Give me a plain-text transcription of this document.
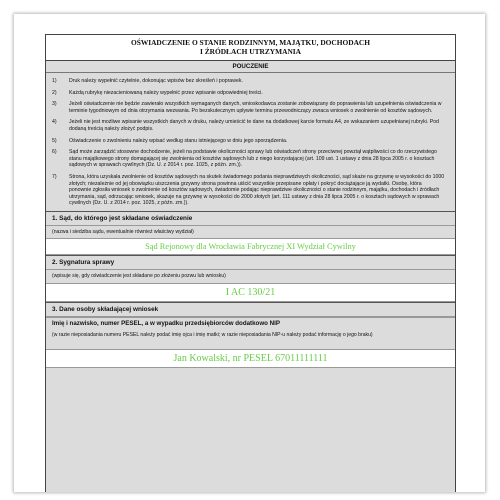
OŚWIADCZENIE O STANIE RODZINNYM, MAJĄTKU, DOCHODACH
I ŹRÓDŁACH UTRZYMANIA
POUCZENIE
1)	Druk należy wypełnić czytelnie, dokonując wpisów bez skreśleń i poprawek.
2)	Każdą rubrykę niezacieniowaną należy wypełnić przez wpisanie odpowiedniej treści.
3)	Jeżeli oświadczenie nie będzie zawierało wszystkich wymaganych danych, wnioskodawca zostanie zobowiązany do poprawienia lub uzupełnienia oświadczenia w terminie tygodniowym od dnia otrzymania wezwania. Po bezskutecznym upływie terminu przewodniczący zwraca wniosek o zwolnienie od kosztów sądowych.
4)	Jeżeli nie jest możliwe wpisanie wszystkich danych w druku, należy umieścić te dane na dodatkowej karcie formatu A4, ze wskazaniem uzupełnianej rubryki. Pod dodaną treścią należy złożyć podpis.
5)	Oświadczenie o zwolnieniu należy wpisać według stanu istniejącego w dniu jego sporządzenia.
6)	Sąd może zarządzić stosowne dochodzenie, jeżeli na podstawie okoliczności sprawy lub oświadczeń strony przeciwnej powziął wątpliwości co do rzeczywistego stanu majątkowego strony domagającej się zwolnienia od kosztów sądowych lub z niego korzystającej (art. 109 ust. 1 ustawy z dnia 28 lipca 2005 r. o kosztach sądowych w sprawach cywilnych (Dz. U. z 2014 r. poz. 1025, z późn. zm.)).
7)	Strona, która uzyskała zwolnienie od kosztów sądowych na skutek świadomego podania nieprawdziwych okoliczności, sąd skaże na grzywnę w wysokości do 1000 złotych; niezależnie od jej obowiązku uiszczenia grzywny strona powinna uiścić wszystkie przepisane opłaty i pokryć dociążające ją wydatki. Osobę, która ponownie zgłosiła wniosek o zwolnienie od kosztów sądowych, świadomie podając nieprawdziwe okoliczności o stanie rodzinnym, majątku, dochodach i źródłach utrzymania, sąd, odrzucając wniosek, skazuje na grzywnę w wysokości do 2000 złotych (art. 111 ustawy z dnia 28 lipca 2005 r. o kosztach sądowych w sprawach cywilnych (Dz. U. z 2014 r. poz. 1025, z późn. zm.)).
1. Sąd, do którego jest składane oświadczenie
(nazwa i siedziba sądu, ewentualnie również właściwy wydział)
Sąd Rejonowy dla Wrocławia Fabrycznej XI Wydział Cywilny
2. Sygnatura sprawy
(wpisuje się, gdy oświadczenie jest składane po złożeniu pozwu lub wniosku)
I AC 130/21
3. Dane osoby składającej wniosek
Imię i nazwisko, numer PESEL, a w wypadku przedsiębiorców dodatkowo NIP
(w razie nieposiadania numeru PESEL należy podać imię ojca i imię matki; w razie nieposiadania NIP-u należy podać informację o jego braku)
Jan Kowalski, nr PESEL 67011111111
